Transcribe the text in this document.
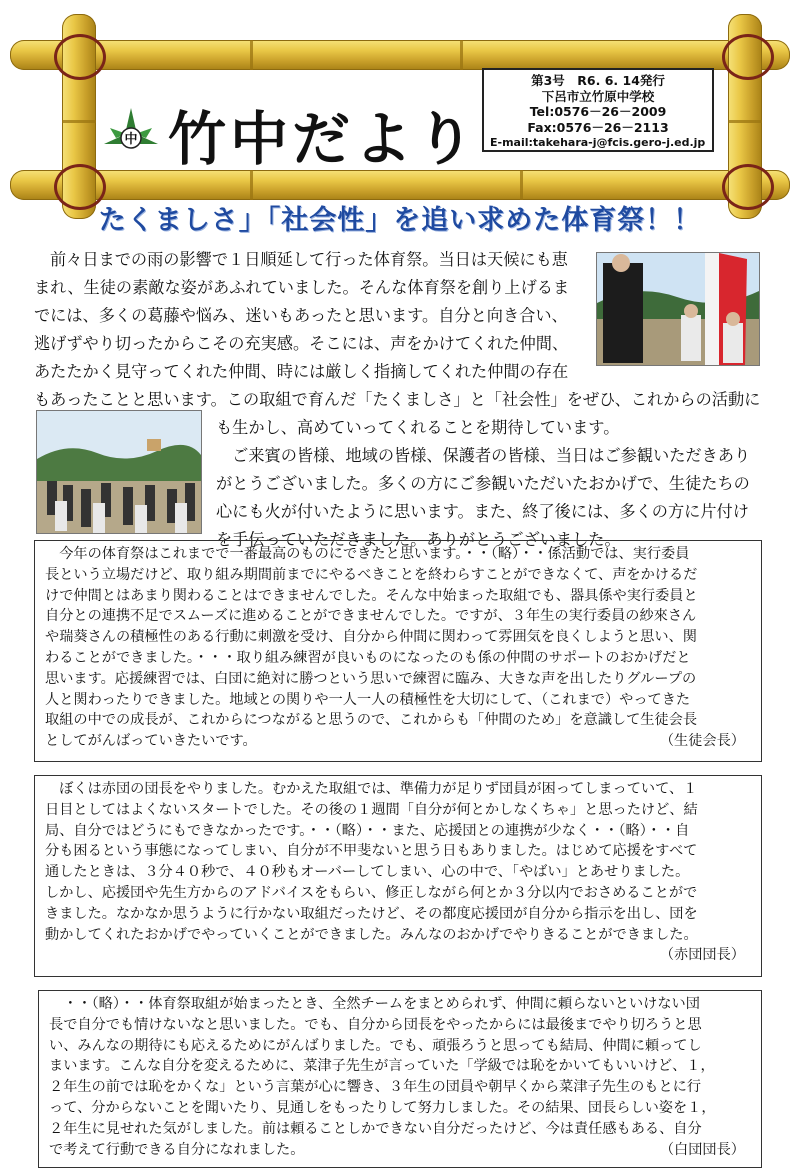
中 竹中だより
第3号　R6. 6. 14発行
下呂市立竹原中学校
Tel:0576－26－2009
Fax:0576－26－2113
E-mail:takehara-j@fcis.gero-j.ed.jp
たくましさ」「社会性」を追い求めた体育祭！！
前々日までの雨の影響で１日順延して行った体育祭。当日は天候にも恵
まれ、生徒の素敵な姿があふれていました。そんな体育祭を創り上げるま
でには、多くの葛藤や悩み、迷いもあったと思います。自分と向き合い、
逃げずやり切ったからこその充実感。そこには、声をかけてくれた仲間、
あたたかく見守ってくれた仲間、時には厳しく指摘してくれた仲間の存在
もあったことと思います。この取組で育んだ「たくましさ」と「社会性」をぜひ、これからの活動に
も生かし、高めていってくれることを期待しています。
　ご来賓の皆様、地域の皆様、保護者の皆様、当日はご参観いただきあり
がとうございました。多くの方にご参観いただいたおかげで、生徒たちの
心にも火が付いたように思います。また、終了後には、多くの方に片付け
を手伝っていただきました。ありがとうございました。
　今年の体育祭はこれまでで一番最高のものにできたと思います。・・（略）・・係活動では、実行委員
長という立場だけど、取り組み期間前までにやるべきことを終わらすことができなくて、声をかけるだ
けで仲間とはあまり関わることはできませんでした。そんな中始まった取組でも、器具係や実行委員と
自分との連携不足でスムーズに進めることができませんでした。ですが、３年生の実行委員の紗來さん
や瑞葵さんの積極性のある行動に刺激を受け、自分から仲間に関わって雰囲気を良くしようと思い、関
わることができました。・・・取り組み練習が良いものになったのも係の仲間のサポートのおかげだと
思います。応援練習では、白団に絶対に勝つという思いで練習に臨み、大きな声を出したりグループの
人と関わったりできました。地域との関りや一人一人の積極性を大切にして、（これまで）やってきた
取組の中での成長が、これからにつながると思うので、これからも「仲間のため」を意識して生徒会長
としてがんばっていきたいです。	（生徒会長）
　ぼくは赤団の団長をやりました。むかえた取組では、準備力が足りず団員が困ってしまっていて、１
日目としてはよくないスタートでした。その後の１週間「自分が何とかしなくちゃ」と思ったけど、結
局、自分ではどうにもできなかったです。・・（略）・・また、応援団との連携が少なく・・（略）・・自
分も困るという事態になってしまい、自分が不甲斐ないと思う日もありました。はじめて応援をすべて
通したときは、３分４０秒で、４０秒もオーバーしてしまい、心の中で、「やばい」とあせりました。
しかし、応援団や先生方からのアドバイスをもらい、修正しながら何とか３分以内でおさめることがで
きました。なかなか思うように行かない取組だったけど、その都度応援団が自分から指示を出し、団を
動かしてくれたおかげでやっていくことができました。みんなのおかげでやりきることができました。
（赤団団長）
　・・（略）・・体育祭取組が始まったとき、全然チームをまとめられず、仲間に頼らないといけない団
長で自分でも情けないなと思いました。でも、自分から団長をやったからには最後までやり切ろうと思
い、みんなの期待にも応えるためにがんばりました。でも、頑張ろうと思っても結局、仲間に頼ってし
まいます。こんな自分を変えるために、菜津子先生が言っていた「学級では恥をかいてもいいけど、１，
２年生の前では恥をかくな」という言葉が心に響き、３年生の団員や朝早くから菜津子先生のもとに行
って、分からないことを聞いたり、見通しをもったりして努力しました。その結果、団長らしい姿を１，
２年生に見せれた気がしました。前は頼ることしかできない自分だったけど、今は責任感もある、自分
で考えて行動できる自分になれました。	（白団団長）
